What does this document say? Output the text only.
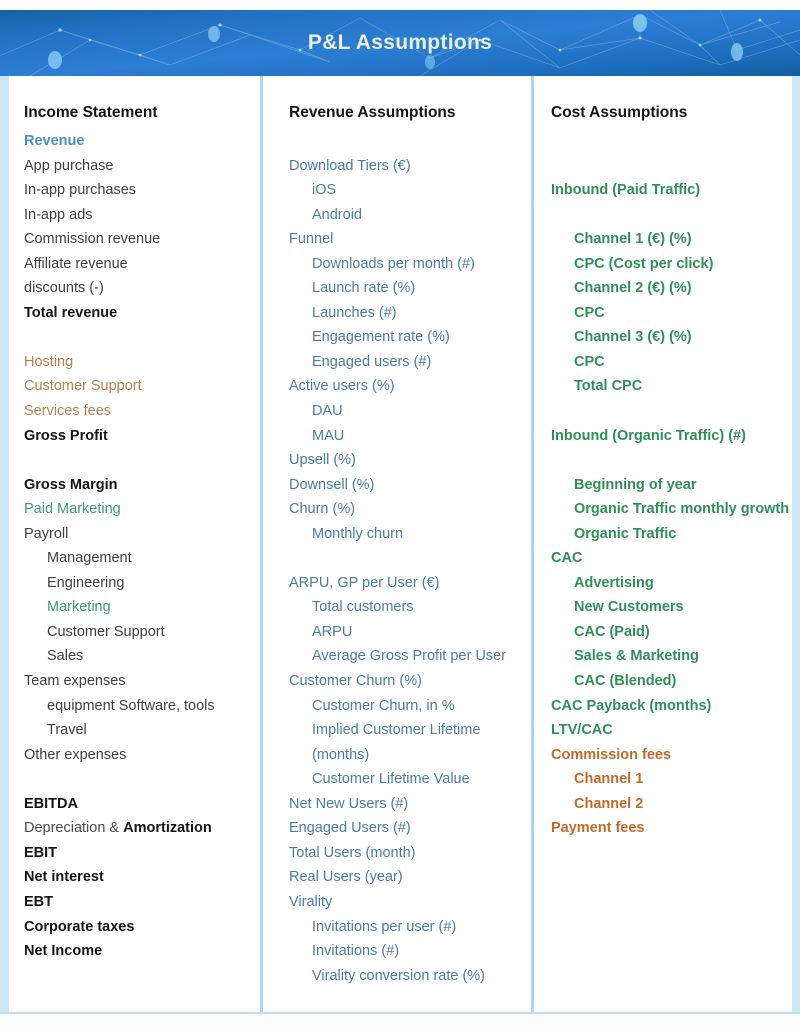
P&L Assumptions
Income Statement
Revenue
App purchase
In-app purchases
In-app ads
Commission revenue
Affiliate revenue
discounts (-)
Total revenue
Hosting
Customer Support
Services fees
Gross Profit
Gross Margin
Paid Marketing
Payroll
Management
Engineering
Marketing
Customer Support
Sales
Team expenses
equipment Software, tools
Travel
Other expenses
EBITDA
Depreciation & Amortization
EBIT
Net interest
EBT
Corporate taxes
Net Income
Revenue Assumptions
Download Tiers (€)
iOS
Android
Funnel
Downloads per month (#)
Launch rate (%)
Launches (#)
Engagement rate (%)
Engaged users (#)
Active users (%)
DAU
MAU
Upsell (%)
Downsell (%)
Churn (%)
Monthly churn
ARPU, GP per User (€)
Total customers
ARPU
Average Gross Profit per User
Customer Churn (%)
Customer Churn, in %
Implied Customer Lifetime
(months)
Customer Lifetime Value
Net New Users (#)
Engaged Users (#)
Total Users (month)
Real Users (year)
Virality
Invitations per user (#)
Invitations (#)
Virality conversion rate (%)
Cost Assumptions
Inbound (Paid Traffic)
Channel 1 (€) (%)
CPC (Cost per click)
Channel 2 (€) (%)
CPC
Channel 3 (€) (%)
CPC
Total CPC
Inbound (Organic Traffic) (#)
Beginning of year
Organic Traffic monthly growth
Organic Traffic
CAC
Advertising
New Customers
CAC (Paid)
Sales & Marketing
CAC (Blended)
CAC Payback (months)
LTV/CAC
Commission fees
Channel 1
Channel 2
Payment fees
